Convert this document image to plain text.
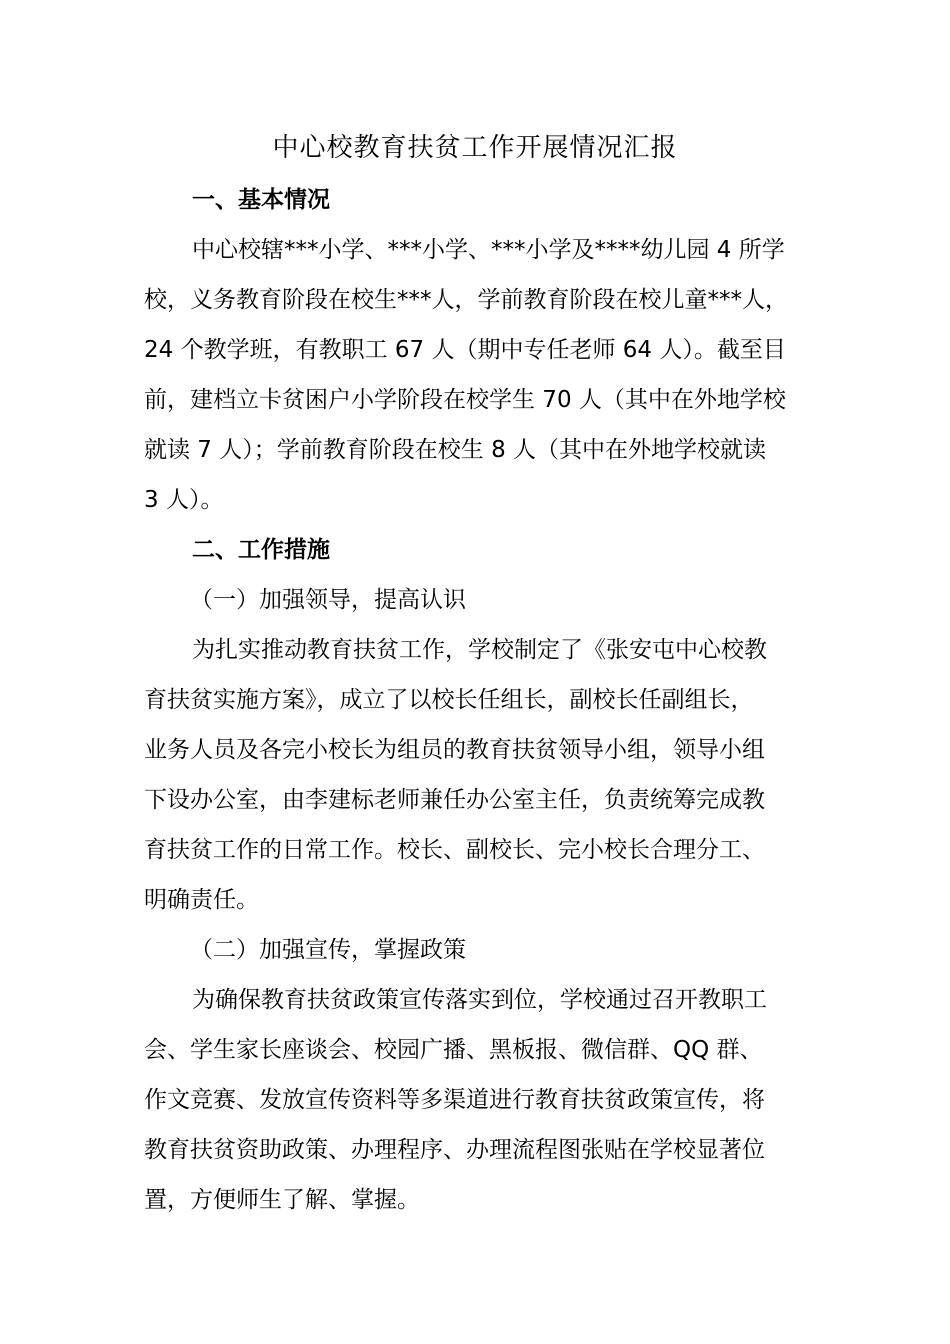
中心校教育扶贫工作开展情况汇报
一、基本情况
中心校辖***小学、***小学、***小学及****幼儿园 4 所学
校，义务教育阶段在校生***人，学前教育阶段在校儿童***人，
24 个教学班，有教职工 67 人（期中专任老师 64 人）。截至目
前，建档立卡贫困户小学阶段在校学生 70 人（其中在外地学校
就读 7 人）；学前教育阶段在校生 8 人（其中在外地学校就读
3 人）。
二、工作措施
（一）加强领导，提高认识
为扎实推动教育扶贫工作，学校制定了《张安屯中心校教
育扶贫实施方案》，成立了以校长任组长，副校长任副组长，
业务人员及各完小校长为组员的教育扶贫领导小组，领导小组
下设办公室，由李建标老师兼任办公室主任，负责统筹完成教
育扶贫工作的日常工作。校长、副校长、完小校长合理分工、
明确责任。
（二）加强宣传，掌握政策
为确保教育扶贫政策宣传落实到位，学校通过召开教职工
会、学生家长座谈会、校园广播、黑板报、微信群、QQ 群、
作文竞赛、发放宣传资料等多渠道进行教育扶贫政策宣传，将
教育扶贫资助政策、办理程序、办理流程图张贴在学校显著位
置，方便师生了解、掌握。
